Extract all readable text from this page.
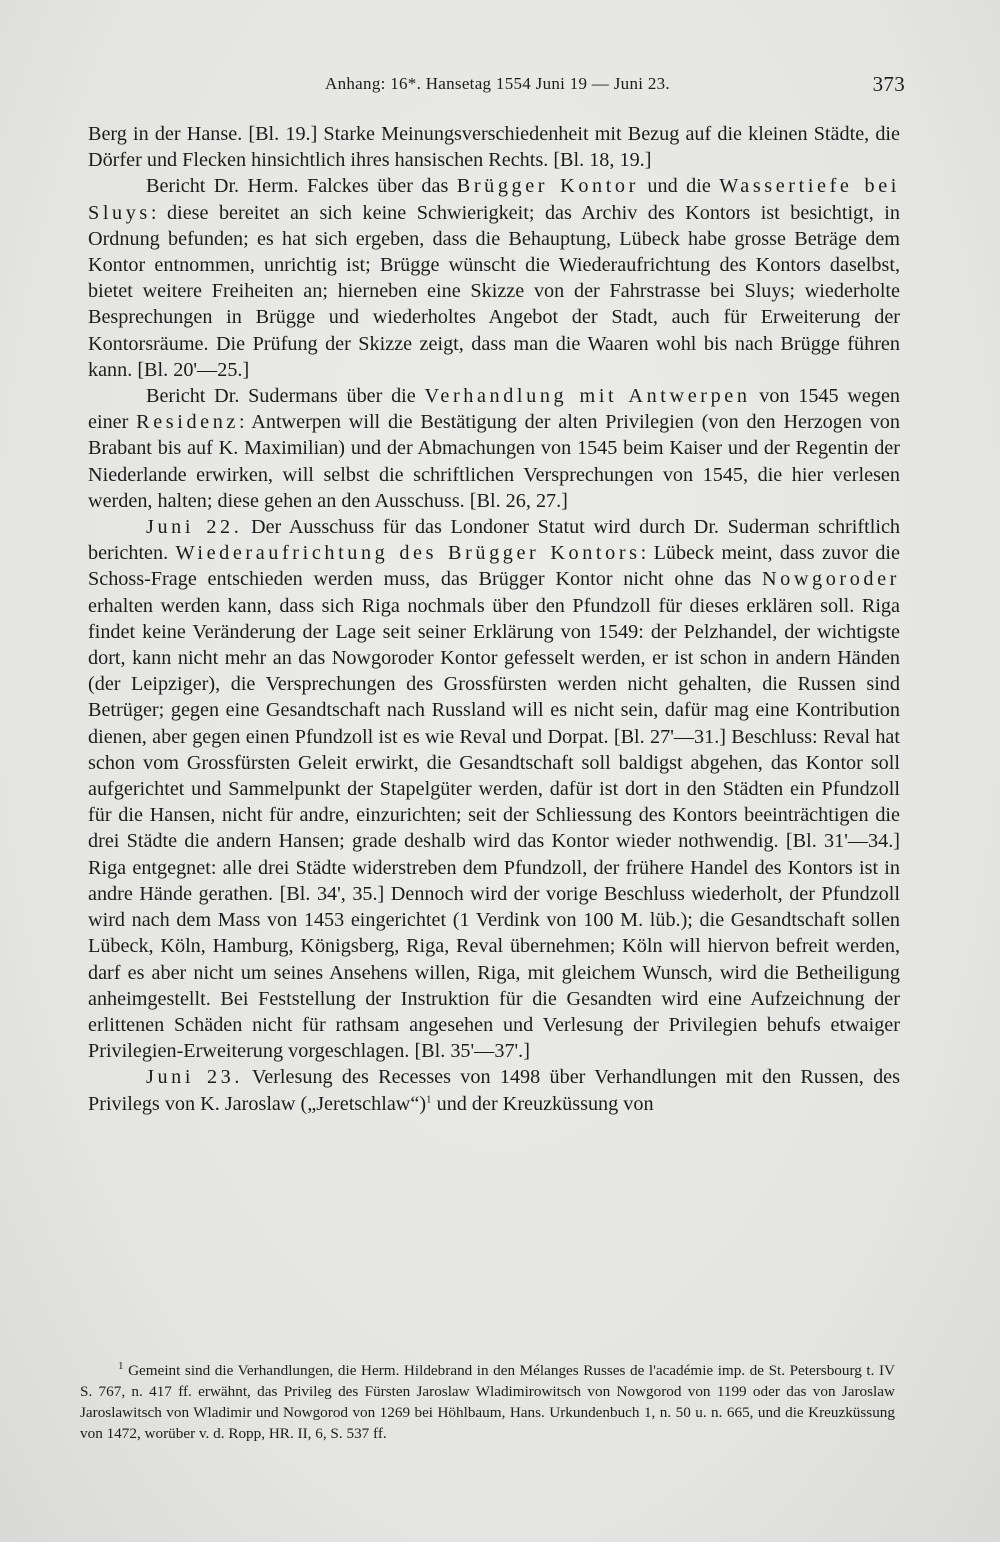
Anhang: 16*. Hansetag 1554 Juni 19 — Juni 23.	373

Berg in der Hanse. [Bl. 19.] Starke Meinungsverschiedenheit mit Bezug auf die kleinen Städte, die Dörfer und Flecken hinsichtlich ihres hansischen Rechts. [Bl. 18, 19.]

Bericht Dr. Herm. Falckes über das Brügger Kontor und die Wassertiefe bei Sluys: diese bereitet an sich keine Schwierigkeit; das Archiv des Kontors ist besichtigt, in Ordnung befunden; es hat sich ergeben, dass die Behauptung, Lübeck habe grosse Beträge dem Kontor entnommen, unrichtig ist; Brügge wünscht die Wiederaufrichtung des Kontors daselbst, bietet weitere Freiheiten an; hierneben eine Skizze von der Fahrstrasse bei Sluys; wiederholte Besprechungen in Brügge und wiederholtes Angebot der Stadt, auch für Erweiterung der Kontorsräume. Die Prüfung der Skizze zeigt, dass man die Waaren wohl bis nach Brügge führen kann. [Bl. 20'—25.]

Bericht Dr. Sudermans über die Verhandlung mit Antwerpen von 1545 wegen einer Residenz: Antwerpen will die Bestätigung der alten Privilegien (von den Herzogen von Brabant bis auf K. Maximilian) und der Abmachungen von 1545 beim Kaiser und der Regentin der Niederlande erwirken, will selbst die schriftlichen Versprechungen von 1545, die hier verlesen werden, halten; diese gehen an den Ausschuss. [Bl. 26, 27.]

Juni 22. Der Ausschuss für das Londoner Statut wird durch Dr. Suderman schriftlich berichten. Wiederaufrichtung des Brügger Kontors: Lübeck meint, dass zuvor die Schoss-Frage entschieden werden muss, das Brügger Kontor nicht ohne das Nowgoroder erhalten werden kann, dass sich Riga nochmals über den Pfundzoll für dieses erklären soll. Riga findet keine Veränderung der Lage seit seiner Erklärung von 1549: der Pelzhandel, der wichtigste dort, kann nicht mehr an das Nowgoroder Kontor gefesselt werden, er ist schon in andern Händen (der Leipziger), die Versprechungen des Grossfürsten werden nicht gehalten, die Russen sind Betrüger; gegen eine Gesandtschaft nach Russland will es nicht sein, dafür mag eine Kontribution dienen, aber gegen einen Pfundzoll ist es wie Reval und Dorpat. [Bl. 27'—31.] Beschluss: Reval hat schon vom Grossfürsten Geleit erwirkt, die Gesandtschaft soll baldigst abgehen, das Kontor soll aufgerichtet und Sammelpunkt der Stapelgüter werden, dafür ist dort in den Städten ein Pfundzoll für die Hansen, nicht für andre, einzurichten; seit der Schliessung des Kontors beeinträchtigen die drei Städte die andern Hansen; grade deshalb wird das Kontor wieder nothwendig. [Bl. 31'—34.] Riga entgegnet: alle drei Städte widerstreben dem Pfundzoll, der frühere Handel des Kontors ist in andre Hände gerathen. [Bl. 34', 35.] Dennoch wird der vorige Beschluss wiederholt, der Pfundzoll wird nach dem Mass von 1453 eingerichtet (1 Verdink von 100 M. lüb.); die Gesandtschaft sollen Lübeck, Köln, Hamburg, Königsberg, Riga, Reval übernehmen; Köln will hiervon befreit werden, darf es aber nicht um seines Ansehens willen, Riga, mit gleichem Wunsch, wird die Betheiligung anheimgestellt. Bei Feststellung der Instruktion für die Gesandten wird eine Aufzeichnung der erlittenen Schäden nicht für rathsam angesehen und Verlesung der Privilegien behufs etwaiger Privilegien-Erweiterung vorgeschlagen. [Bl. 35'—37'.]

Juni 23. Verlesung des Recesses von 1498 über Verhandlungen mit den Russen, des Privilegs von K. Jaroslaw („Jeretschlaw“)$^1$ und der Kreuzküssung von

$^1$ Gemeint sind die Verhandlungen, die Herm. Hildebrand in den Mélanges Russes de l'académie imp. de St. Petersbourg t. IV S. 767, n. 417 ff. erwähnt, das Privileg des Fürsten Jaroslaw Wladimirowitsch von Nowgorod von 1199 oder das von Jaroslaw Jaroslawitsch von Wladimir und Nowgorod von 1269 bei Höhlbaum, Hans. Urkundenbuch 1, n. 50 u. n. 665, und die Kreuzküssung von 1472, worüber v. d. Ropp, HR. II, 6, S. 537 ff.
